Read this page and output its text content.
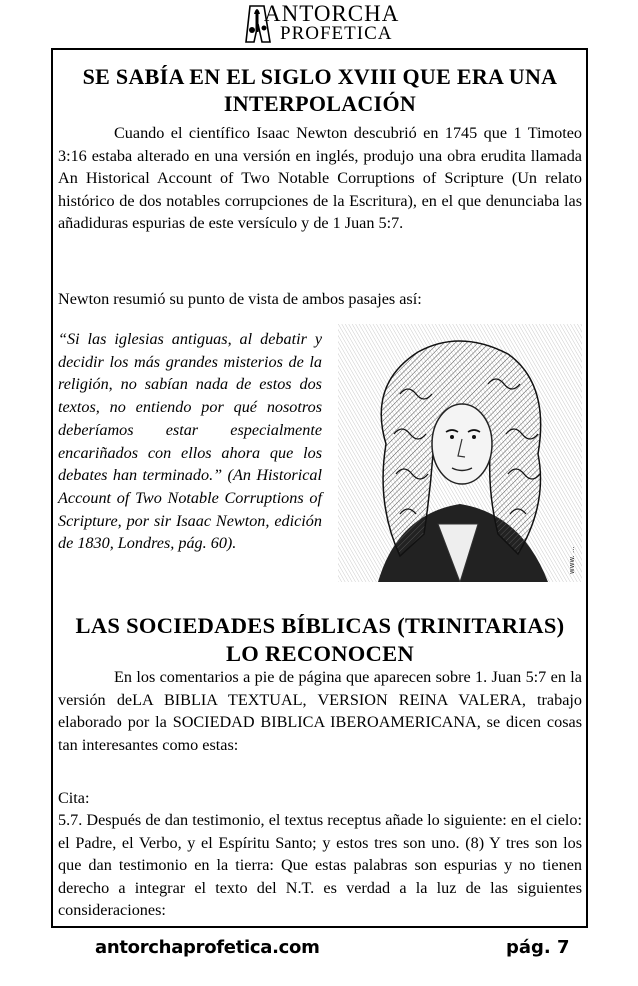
ANTORCHA
PROFETICA
SE SABÍA EN EL SIGLO XVIII QUE ERA UNA INTERPOLACIÓN

Cuando el científico Isaac Newton descubrió en 1745 que 1 Timoteo 3:16 estaba alterado en una versión en inglés, produjo una obra erudita llamada An Historical Account of Two Notable Corruptions of Scripture (Un relato histórico de dos notables corrupciones de la Escritura), en el que denunciaba las añadiduras espurias de este versículo y de 1 Juan 5:7.

Newton resumió su punto de vista de ambos pasajes así:

“Si las iglesias antiguas, al debatir y decidir los más grandes misterios de la religión, no sabían nada de estos dos textos, no entiendo por qué nosotros deberíamos estar especialmente encariñados con ellos ahora que los debates han terminado.” (An Historical Account of Two Notable Corruptions of Scripture, por sir Isaac Newton, edición de 1830, Londres, pág. 60).

www. ...
LAS SOCIEDADES BÍBLICAS (TRINITARIAS) LO RECONOCEN

En los comentarios a pie de página que aparecen sobre 1. Juan 5:7 en la versión deLA BIBLIA TEXTUAL, VERSION REINA VALERA, trabajo elaborado por la SOCIEDAD BIBLICA IBEROAMERICANA, se dicen cosas tan interesantes como estas:

Cita:

5.7. Después de dan testimonio, el textus receptus añade lo siguiente: en el cielo: el Padre, el Verbo, y el Espíritu Santo; y estos tres son uno. (8) Y tres son los que dan testimonio en la tierra: Que estas palabras son espurias y no tienen derecho a integrar el texto del N.T. es verdad a la luz de las siguientes consideraciones:

antorchaprofetica.com	pág. 7
